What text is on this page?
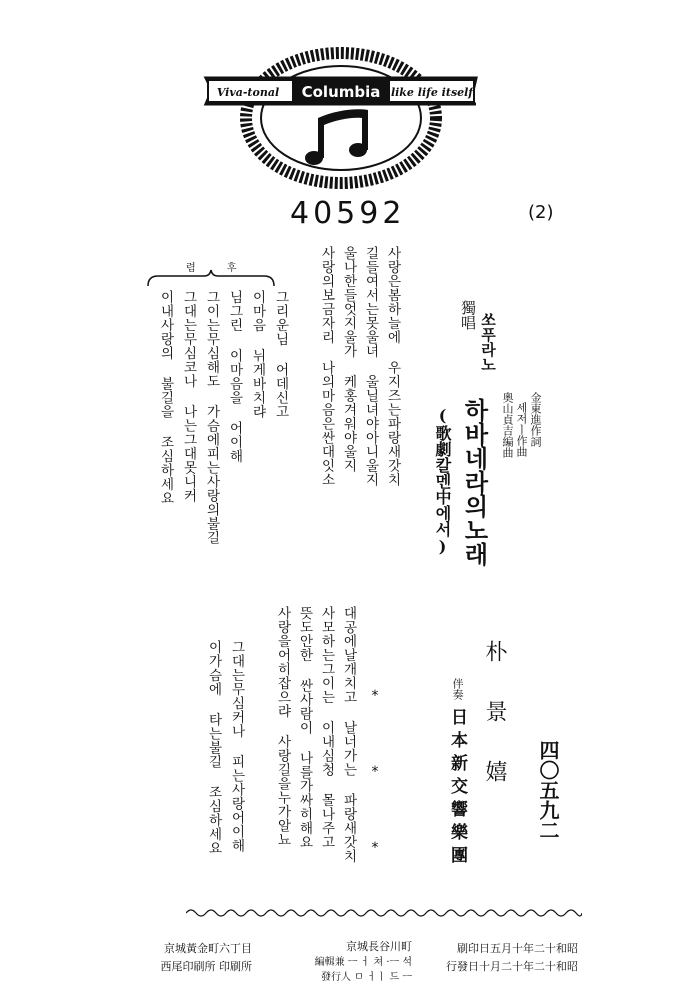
Columbia
Viva-tonal	like life itself
40592	(2)
四〇五九二
朴景嬉
伴奏
日本新交響樂團
金東進作詞
세저ㅣ作曲
奧山貞吉編曲
하바네라의노래
(歌劇칼멘中에서)
쏘푸라노
獨唱
사랑은봄하늘에 우지즈는파랑새갓치
길들여서는못울녀 울닐녀야아니울지
울나한들엇지울가 케홍겨워야울지
사랑의보금자리 나의마음은싼대잇소
그리운님 어데신고
이마음 뉘게바치랴
님그린 이마음을 어이해
그이는무심해도 가슴에피는사랑의불길
그대는무심코나 나는그대못니커
이내사랑의 불길을 조심하세요
렴 후
* * *
대공에날개치고 날너가는 파랑새갓치
사모하는그이는 이내심청 몰나주고
뜻도안한 싼사람이 나를가싸히해요
사랑을어히잡으랴 사랑길을누가알뇨
그대는무심커나 피는사랑어이해
이가슴에 타는불길 조심하세요
昭和十二年十月五日印刷
昭和十二年十二月十日發行
京城長谷川町
編輯兼 ㅡ ㅓ 쳐 ·ㅡ 석
發行人 ㅁ ㅓㅣ 드 ㅡ
京城黃金町六丁目
西尾印刷所 印刷所
